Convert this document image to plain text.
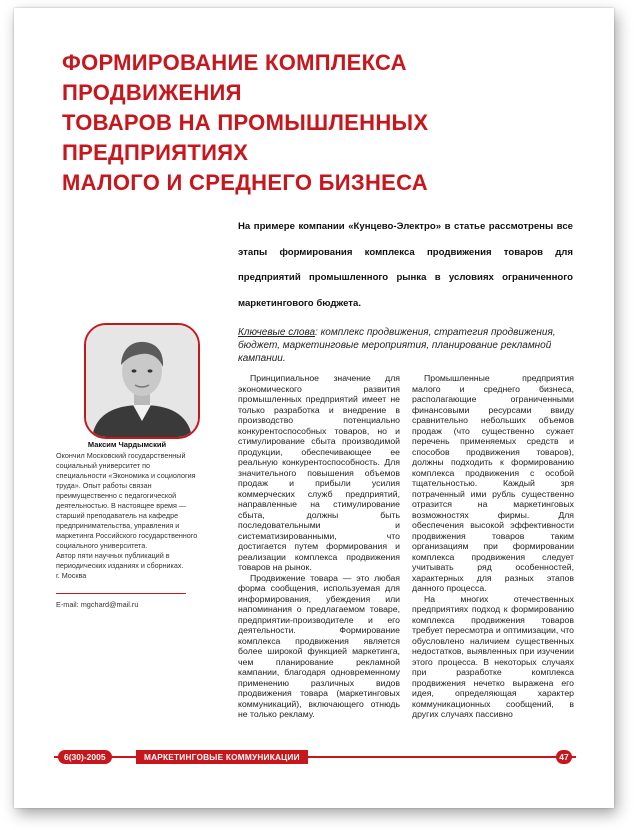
ФОРМИРОВАНИЕ КОМПЛЕКСА ПРОДВИЖЕНИЯ
ТОВАРОВ НА ПРОМЫШЛЕННЫХ ПРЕДПРИЯТИЯХ
МАЛОГО И СРЕДНЕГО БИЗНЕСА
На примере компании «Кунцево-Электро» в статье рассмотрены все этапы формирования комплекса продвижения товаров для предприятий промышленного рынка в условиях ограниченного маркетингового бюджета.
Ключевые слова: комплекс продвижения, стратегия продвижения, бюджет, маркетинговые мероприятия, планирование рекламной кампании.
Максим Чардымский

Окончил Московский государственный социальный университет по специальности «Экономика и социология труда». Опыт работы связан преимущественно с педагогической деятельностью. В настоящее время — старший преподаватель на кафедре предпринимательства, управления и маркетинга Российского государственного социального университета.

Автор пяти научных публикаций в периодических изданиях и сборниках.

г. Москва

E-mail: mgchard@mail.ru

Принципиальное значение для экономического развития промышленных предприятий имеет не только разработка и внедрение в производство потенциально конкурентоспособных товаров, но и стимулирование сбыта производимой продукции, обеспечивающее ее реальную конкурентоспособность. Для значительного повышения объемов продаж и прибыли усилия коммерческих служб предприятий, направленные на стимулирование сбыта, должны быть последовательными и систематизированными, что достигается путем формирования и реализации комплекса продвижения товаров на рынок.

Продвижение товара — это любая форма сообщения, используемая для информирования, убеждения или напоминания о предлагаемом товаре, предприятии-производителе и его деятельности. Формирование комплекса продвижения является более широкой функцией маркетинга, чем планирование рекламной кампании, благодаря одновременному применению различных видов продвижения товара (маркетинговых коммуникаций), включающего отнюдь не только рекламу.

Промышленные предприятия малого и среднего бизнеса, располагающие ограниченными финансовыми ресурсами ввиду сравнительно небольших объемов продаж (что существенно сужает перечень применяемых средств и способов продвижения товаров), должны подходить к формированию комплекса продвижения с особой тщательностью. Каждый зря потраченный ими рубль существенно отразится на маркетинговых возможностях фирмы. Для обеспечения высокой эффективности продвижения товаров таким организациям при формировании комплекса продвижения следует учитывать ряд особенностей, характерных для разных этапов данного процесса.

На многих отечественных предприятиях подход к формированию комплекса продвижения товаров требует пересмотра и оптимизации, что обусловлено наличием существенных недостатков, выявленных при изучении этого процесса. В некоторых случаях при разработке комплекса продвижения нечетко выражена его идея, определяющая характер коммуникационных сообщений, в других случаях пассивно

6(30)-2005	МАРКЕТИНГОВЫЕ КОММУНИКАЦИИ	47
